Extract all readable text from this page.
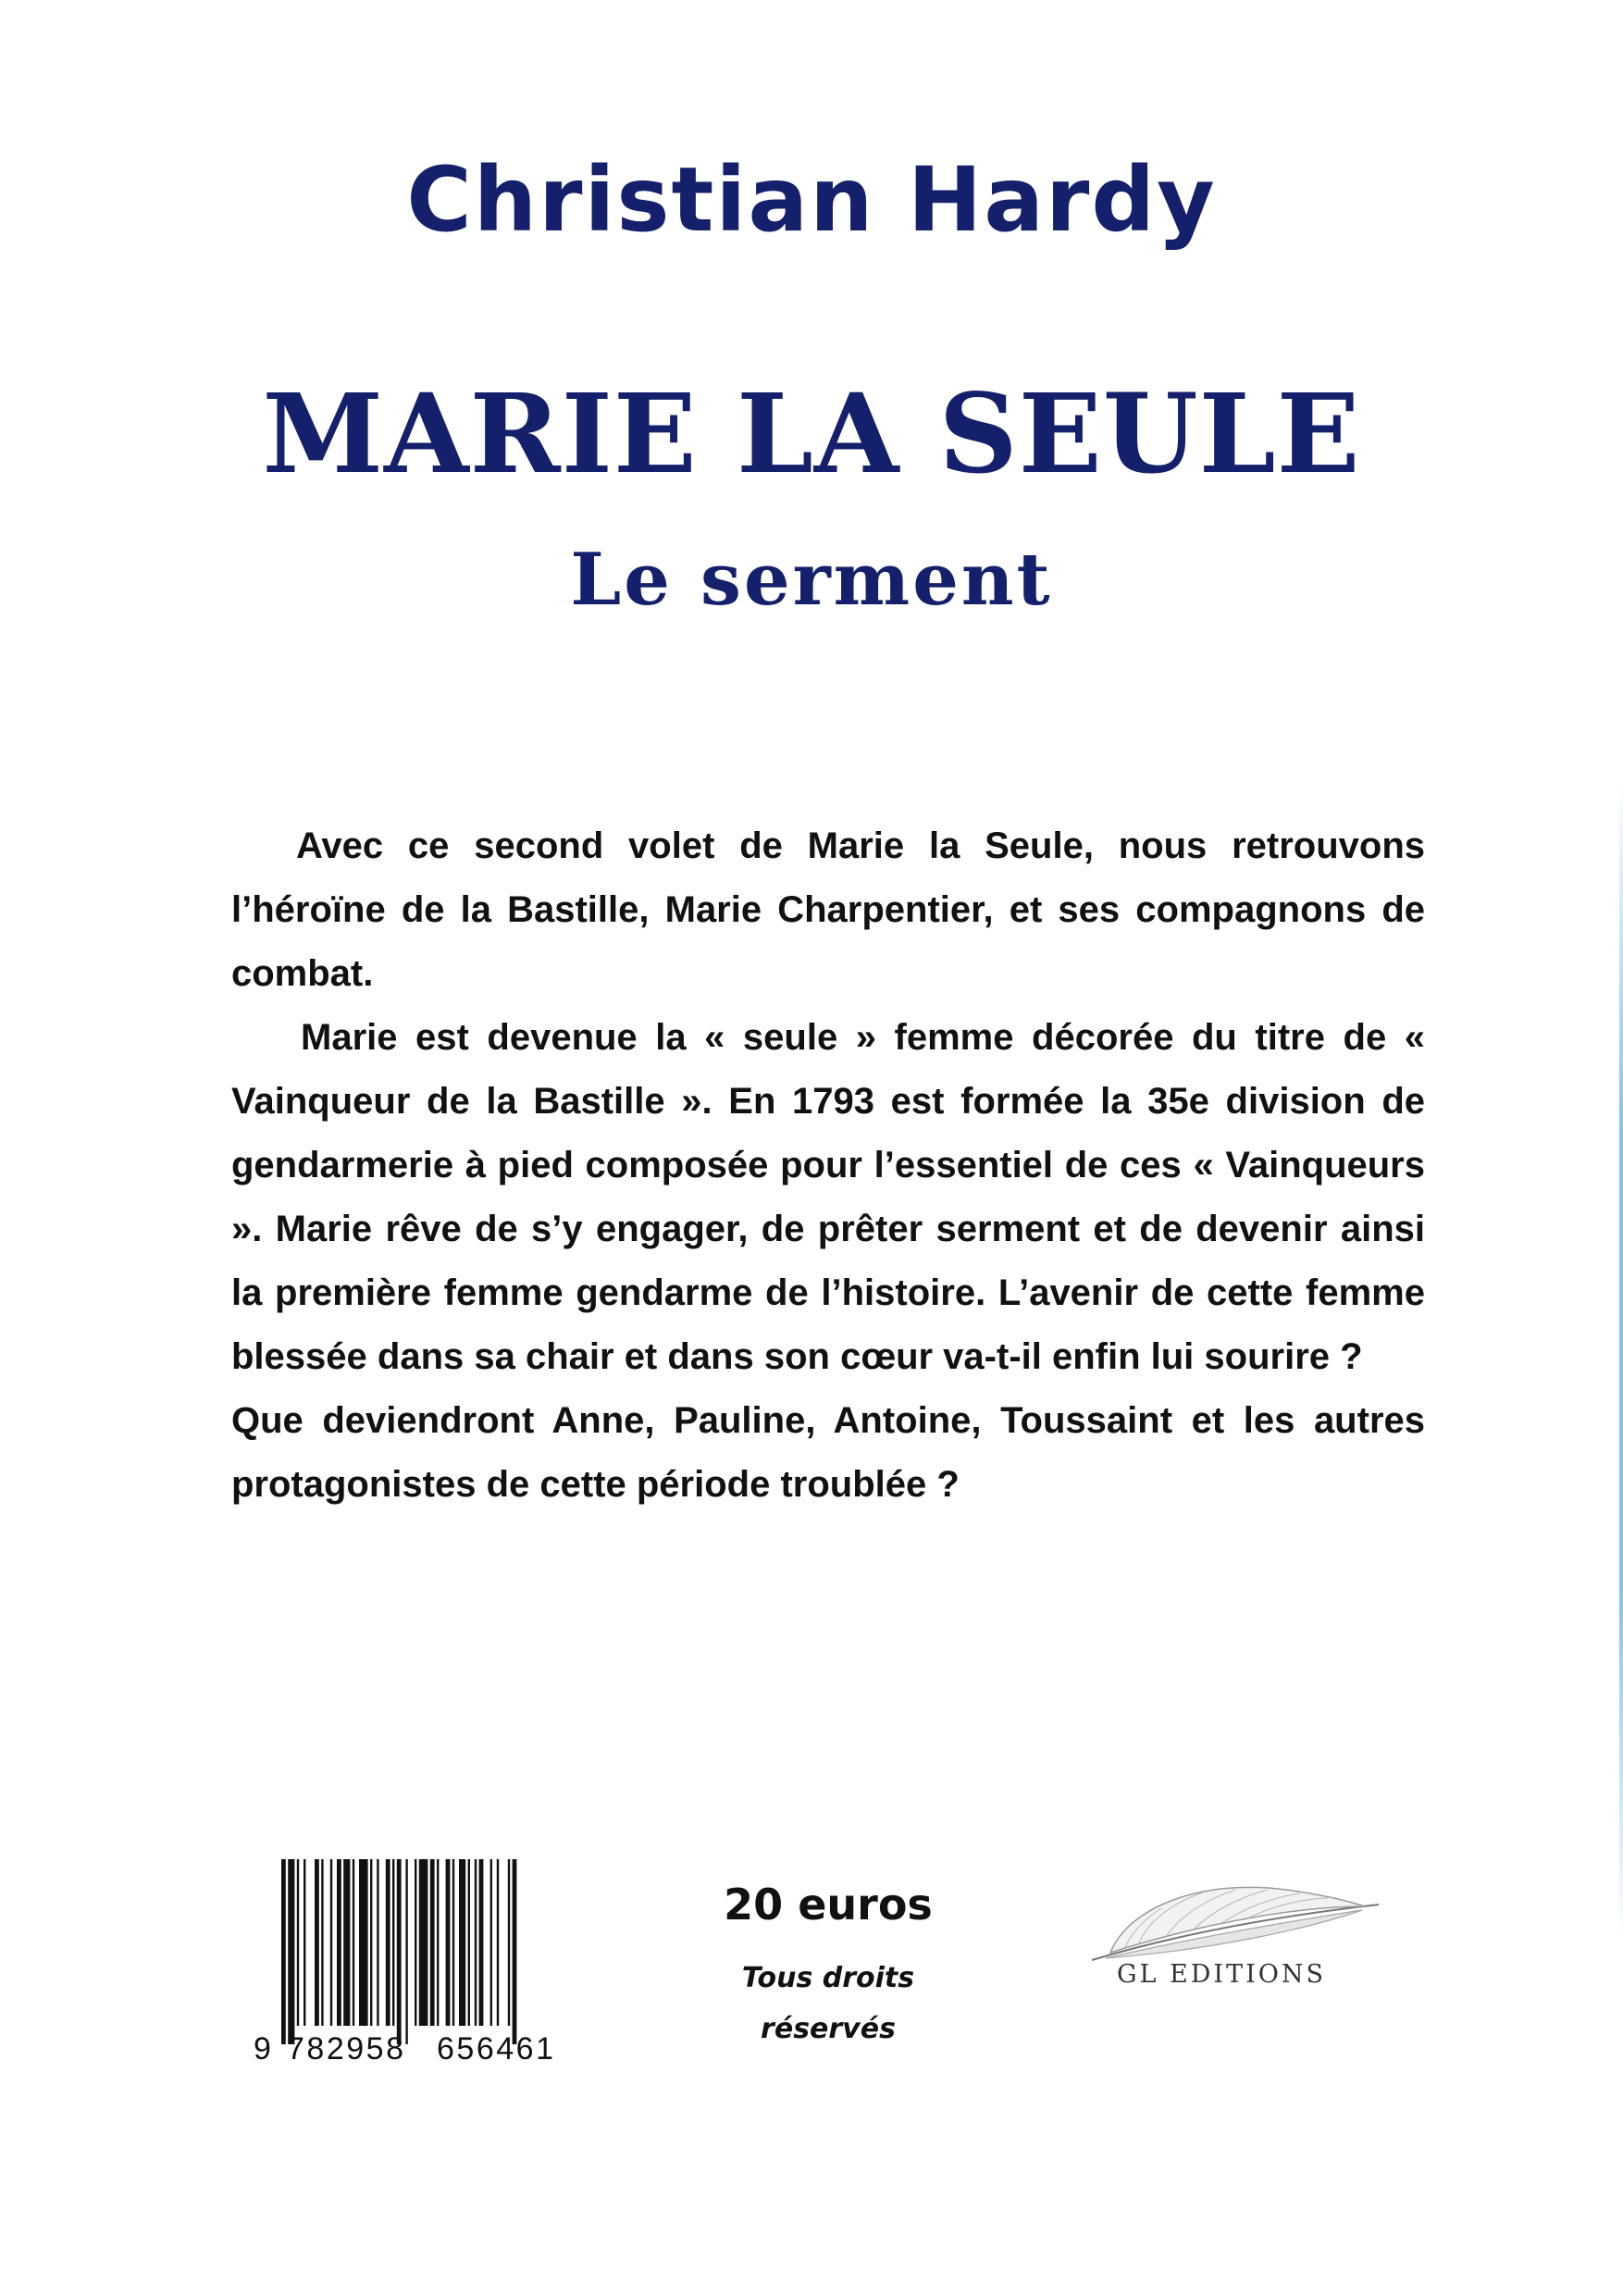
Christian Hardy
MARIE LA SEULE
Le serment

Avec ce second volet de Marie la Seule, nous retrouvons l’héroïne de la Bastille, Marie Charpentier, et ses compagnons de combat.

Marie est devenue la « seule » femme décorée du titre de « Vainqueur de la Bastille ». En 1793 est formée la 35e division de gendarmerie à pied composée pour l’essentiel de ces « Vainqueurs ». Marie rêve de s’y engager, de prêter serment et de devenir ainsi la première femme gendarme de l’histoire. L’avenir de cette femme blessée dans sa chair et dans son cœur va-t-il enfin lui sourire ?

Que deviendront Anne, Pauline, Antoine, Toussaint et les autres protagonistes de cette période troublée ?

9 782958 656461
20 euros
Tous droits
réservés
GL EDITIONS
